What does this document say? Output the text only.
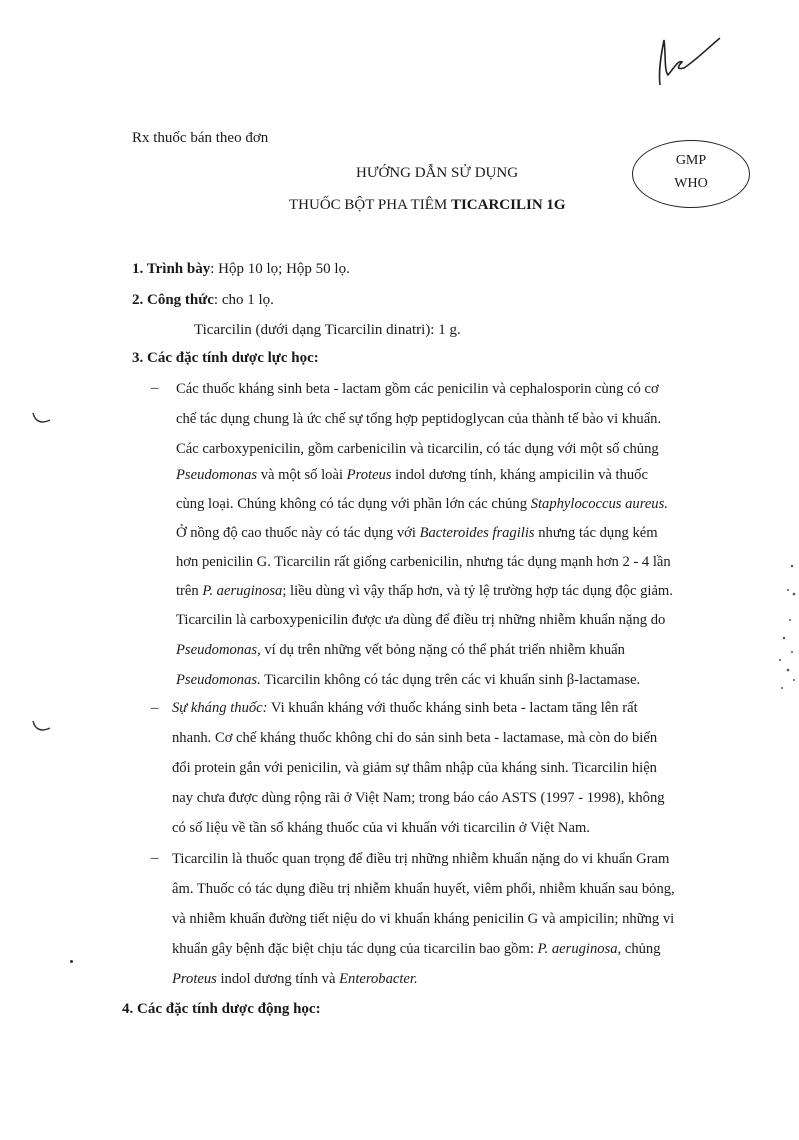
Rx thuốc bán theo đơn
HƯỚNG DẪN SỬ DỤNG
THUỐC BỘT PHA TIÊM TICARCILIN 1G
GMP
WHO
1. Trình bày: Hộp 10 lọ; Hộp 50 lọ.
2. Công thức: cho 1 lọ.
Ticarcilin (dưới dạng Ticarcilin dinatri): 1 g.
3. Các đặc tính dược lực học:
– Các thuốc kháng sinh beta - lactam gồm các penicilin và cephalosporin cùng có cơ
chế tác dụng chung là ức chế sự tổng hợp peptidoglycan của thành tế bào vi khuẩn.
Các carboxypenicilin, gồm carbenicilin và ticarcilin, có tác dụng với một số chủng
Pseudomonas và một số loài Proteus indol dương tính, kháng ampicilin và thuốc
cùng loại. Chúng không có tác dụng với phần lớn các chủng Staphylococcus aureus.
Ở nồng độ cao thuốc này có tác dụng với Bacteroides fragilis nhưng tác dụng kém
hơn penicilin G. Ticarcilin rất giống carbenicilin, nhưng tác dụng mạnh hơn 2 - 4 lần
trên P. aeruginosa; liều dùng vì vậy thấp hơn, và tỷ lệ trường hợp tác dụng độc giảm.
Ticarcilin là carboxypenicilin được ưa dùng để điều trị những nhiễm khuẩn nặng do
Pseudomonas, ví dụ trên những vết bỏng nặng có thể phát triển nhiễm khuẩn
Pseudomonas. Ticarcilin không có tác dụng trên các vi khuẩn sinh β-lactamase.
– Sự kháng thuốc: Vi khuẩn kháng với thuốc kháng sinh beta - lactam tăng lên rất
nhanh. Cơ chế kháng thuốc không chỉ do sản sinh beta - lactamase, mà còn do biến
đổi protein gắn với penicilin, và giảm sự thâm nhập của kháng sinh. Ticarcilin hiện
nay chưa được dùng rộng rãi ở Việt Nam; trong báo cáo ASTS (1997 - 1998), không
có số liệu về tần số kháng thuốc của vi khuẩn với ticarcilin ở Việt Nam.
– Ticarcilin là thuốc quan trọng để điều trị những nhiễm khuẩn nặng do vi khuẩn Gram
âm. Thuốc có tác dụng điều trị nhiễm khuẩn huyết, viêm phổi, nhiễm khuẩn sau bỏng,
và nhiễm khuẩn đường tiết niệu do vi khuẩn kháng penicilin G và ampicilin; những vi
khuẩn gây bệnh đặc biệt chịu tác dụng của ticarcilin bao gồm: P. aeruginosa, chủng
Proteus indol dương tính và Enterobacter.
4. Các đặc tính dược động học:
